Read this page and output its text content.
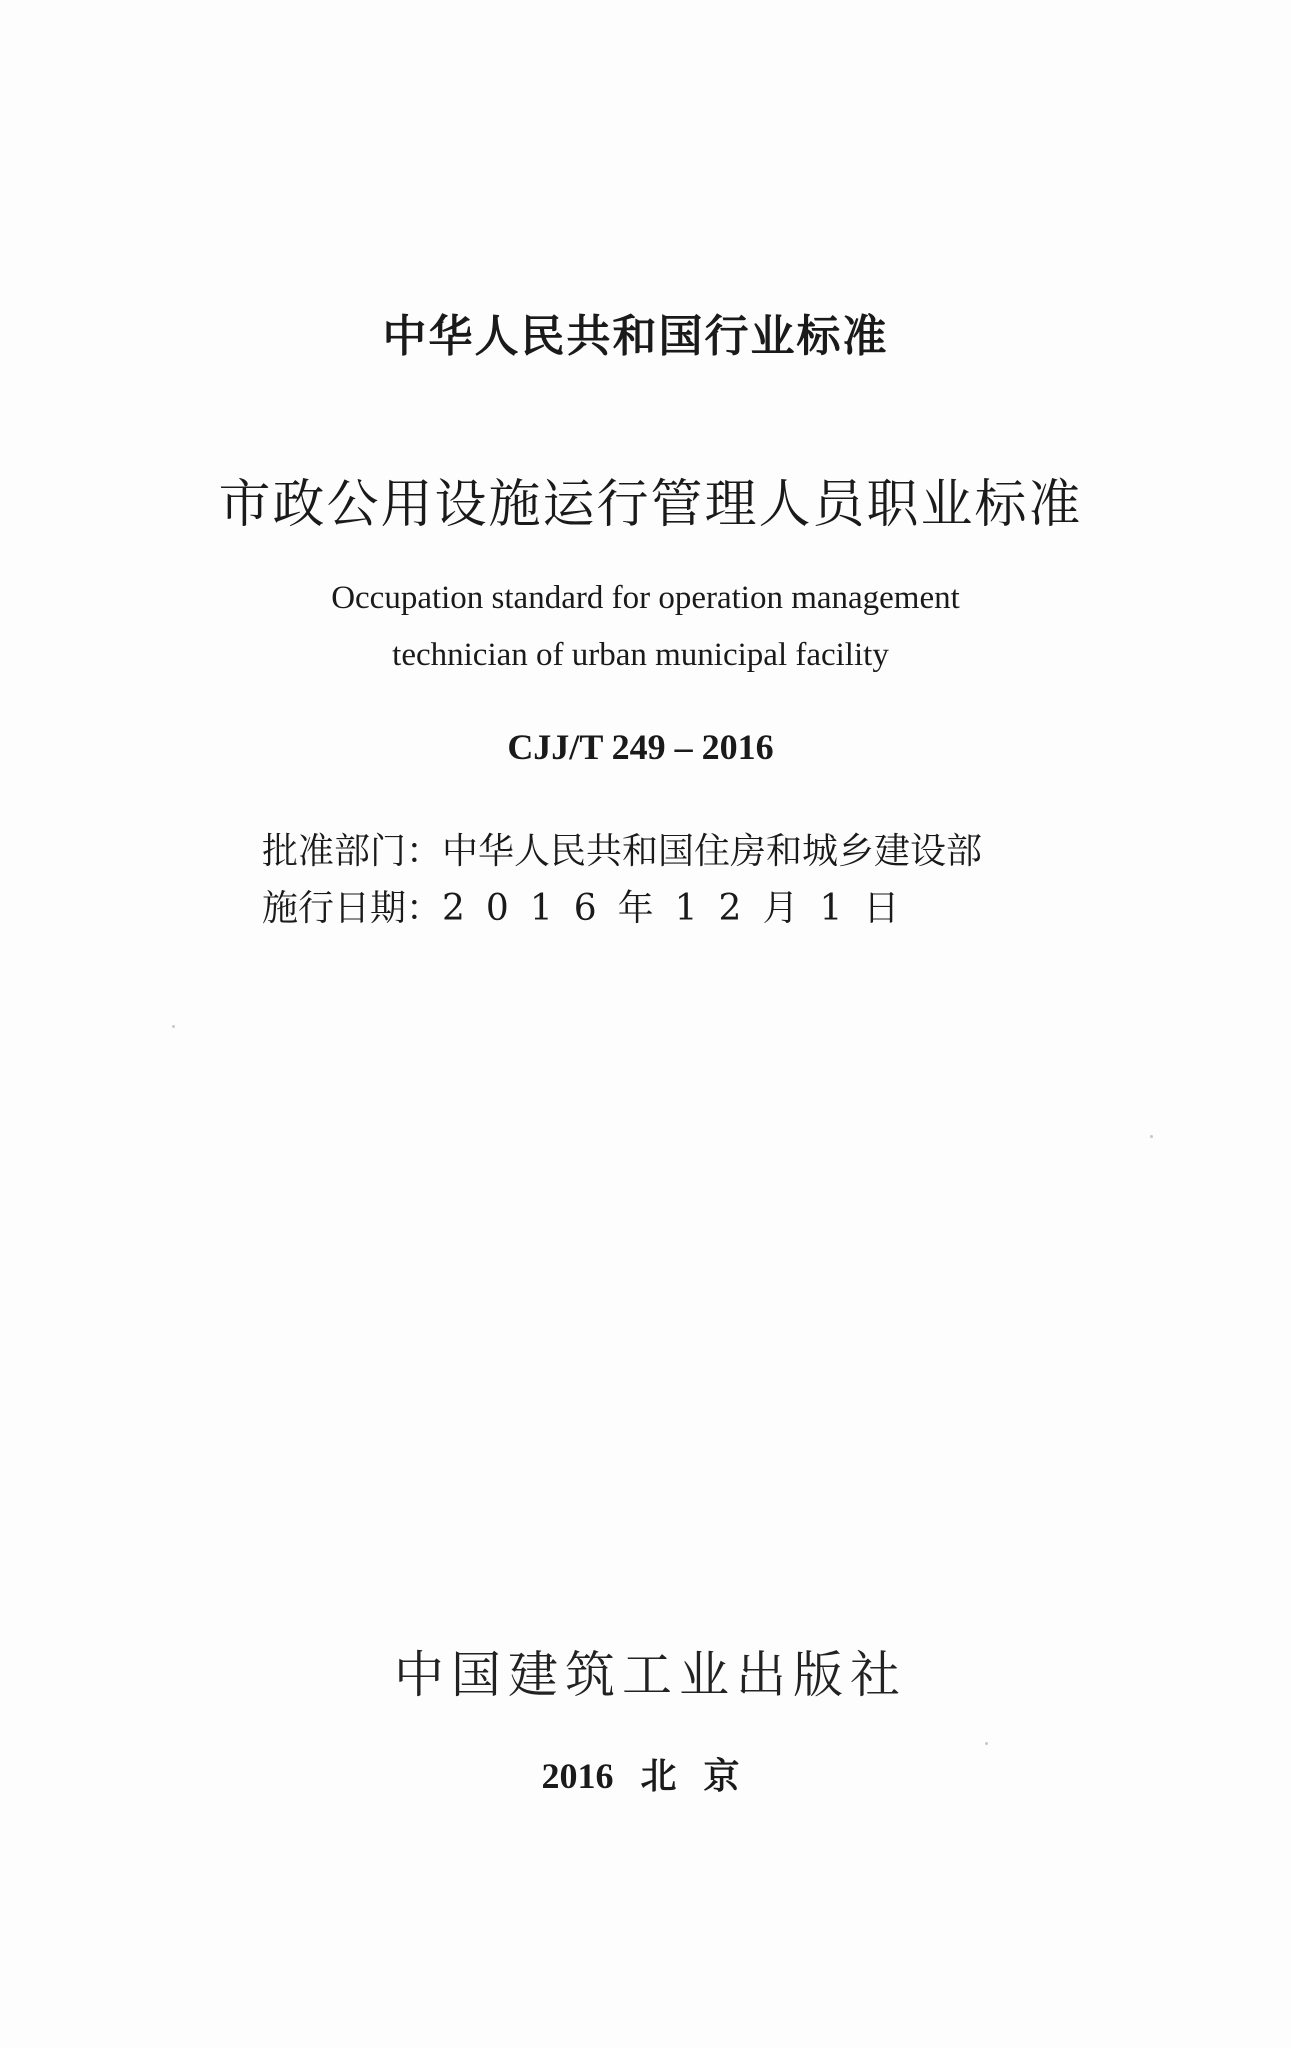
中华人民共和国行业标准
市政公用设施运行管理人员职业标准
Occupation standard for operation management
technician of urban municipal facility
CJJ/T 249 – 2016
批准部门：中华人民共和国住房和城乡建设部
施行日期：2016年12月1日
中国建筑工业出版社
2016 北 京
